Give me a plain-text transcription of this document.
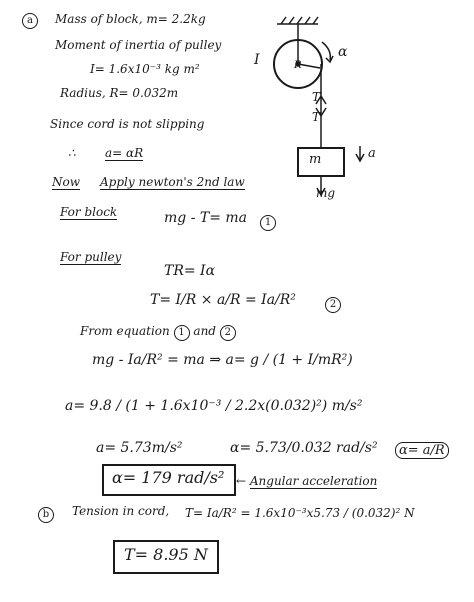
a	Mass of block, m= 2.2kg
Moment of inertia of pulley
I= 1.6x10⁻³ kg m²
Radius, R= 0.032m
Since cord is not slipping
∴ a= αR
Now Apply newton's 2nd law
I	R
α
T
T
m	a
mg
For block	mg - T= ma	1
For pulley
TR= Iα
T= I/R × a/R = Ia/R²	2
From equation 1 and 2
mg - Ia/R² = ma ⇒ a= g / (1 + I/mR²)
a= 9.8 / (1 + 1.6x10⁻³ / 2.2x(0.032)²) m/s²
a= 5.73m/s²	α= 5.73/0.032 rad/s²	α= a/R
α= 179 rad/s² ← Angular acceleration
b	Tension in cord, T= Ia/R² = 1.6x10⁻³x5.73 / (0.032)² N
T= 8.95 N
